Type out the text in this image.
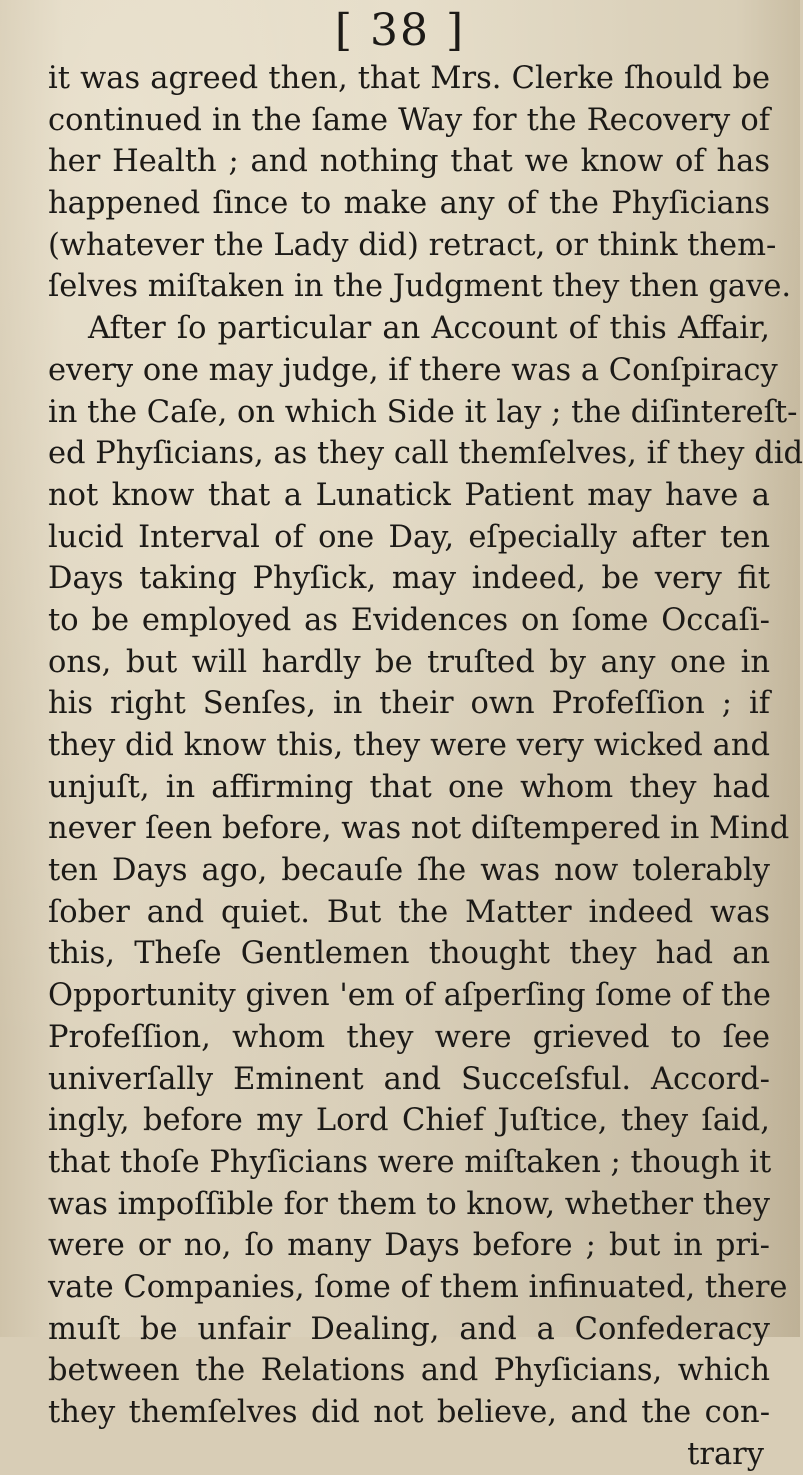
[ 38 ]
it was agreed then, that Mrs. Clerke ſhould be
continued in the ſame Way for the Recovery of
her Health ; and nothing that we know of has
happened ſince to make any of the Phyſicians
(whatever the Lady did) retract, or think them-
ſelves miſtaken in the Judgment they then gave.
After ſo particular an Account of this Affair,
every one may judge, if there was a Conſpiracy
in the Caſe, on which Side it lay ; the diſintereſt-
ed Phyſicians, as they call themſelves, if they did
not know that a Lunatick Patient may have a
lucid Interval of one Day, eſpecially after ten
Days taking Phyſick, may indeed, be very fit
to be employed as Evidences on ſome Occaſi-
ons, but will hardly be truſted by any one in
his right Senſes, in their own Profeſſion ; if
they did know this, they were very wicked and
unjuſt, in affirming that one whom they had
never ſeen before, was not diſtempered in Mind
ten Days ago, becauſe ſhe was now tolerably
ſober and quiet. But the Matter indeed was
this, Theſe Gentlemen thought they had an
Opportunity given 'em of aſperſing ſome of the
Profeſſion, whom they were grieved to ſee
univerſally Eminent and Succeſsful. Accord-
ingly, before my Lord Chief Juſtice, they ſaid,
that thoſe Phyſicians were miſtaken ; though it
was impoſſible for them to know, whether they
were or no, ſo many Days before ; but in pri-
vate Companies, ſome of them infinuated, there
muſt be unfair Dealing, and a Confederacy
between the Relations and Phyſicians, which
they themſelves did not believe, and the con-
trary
